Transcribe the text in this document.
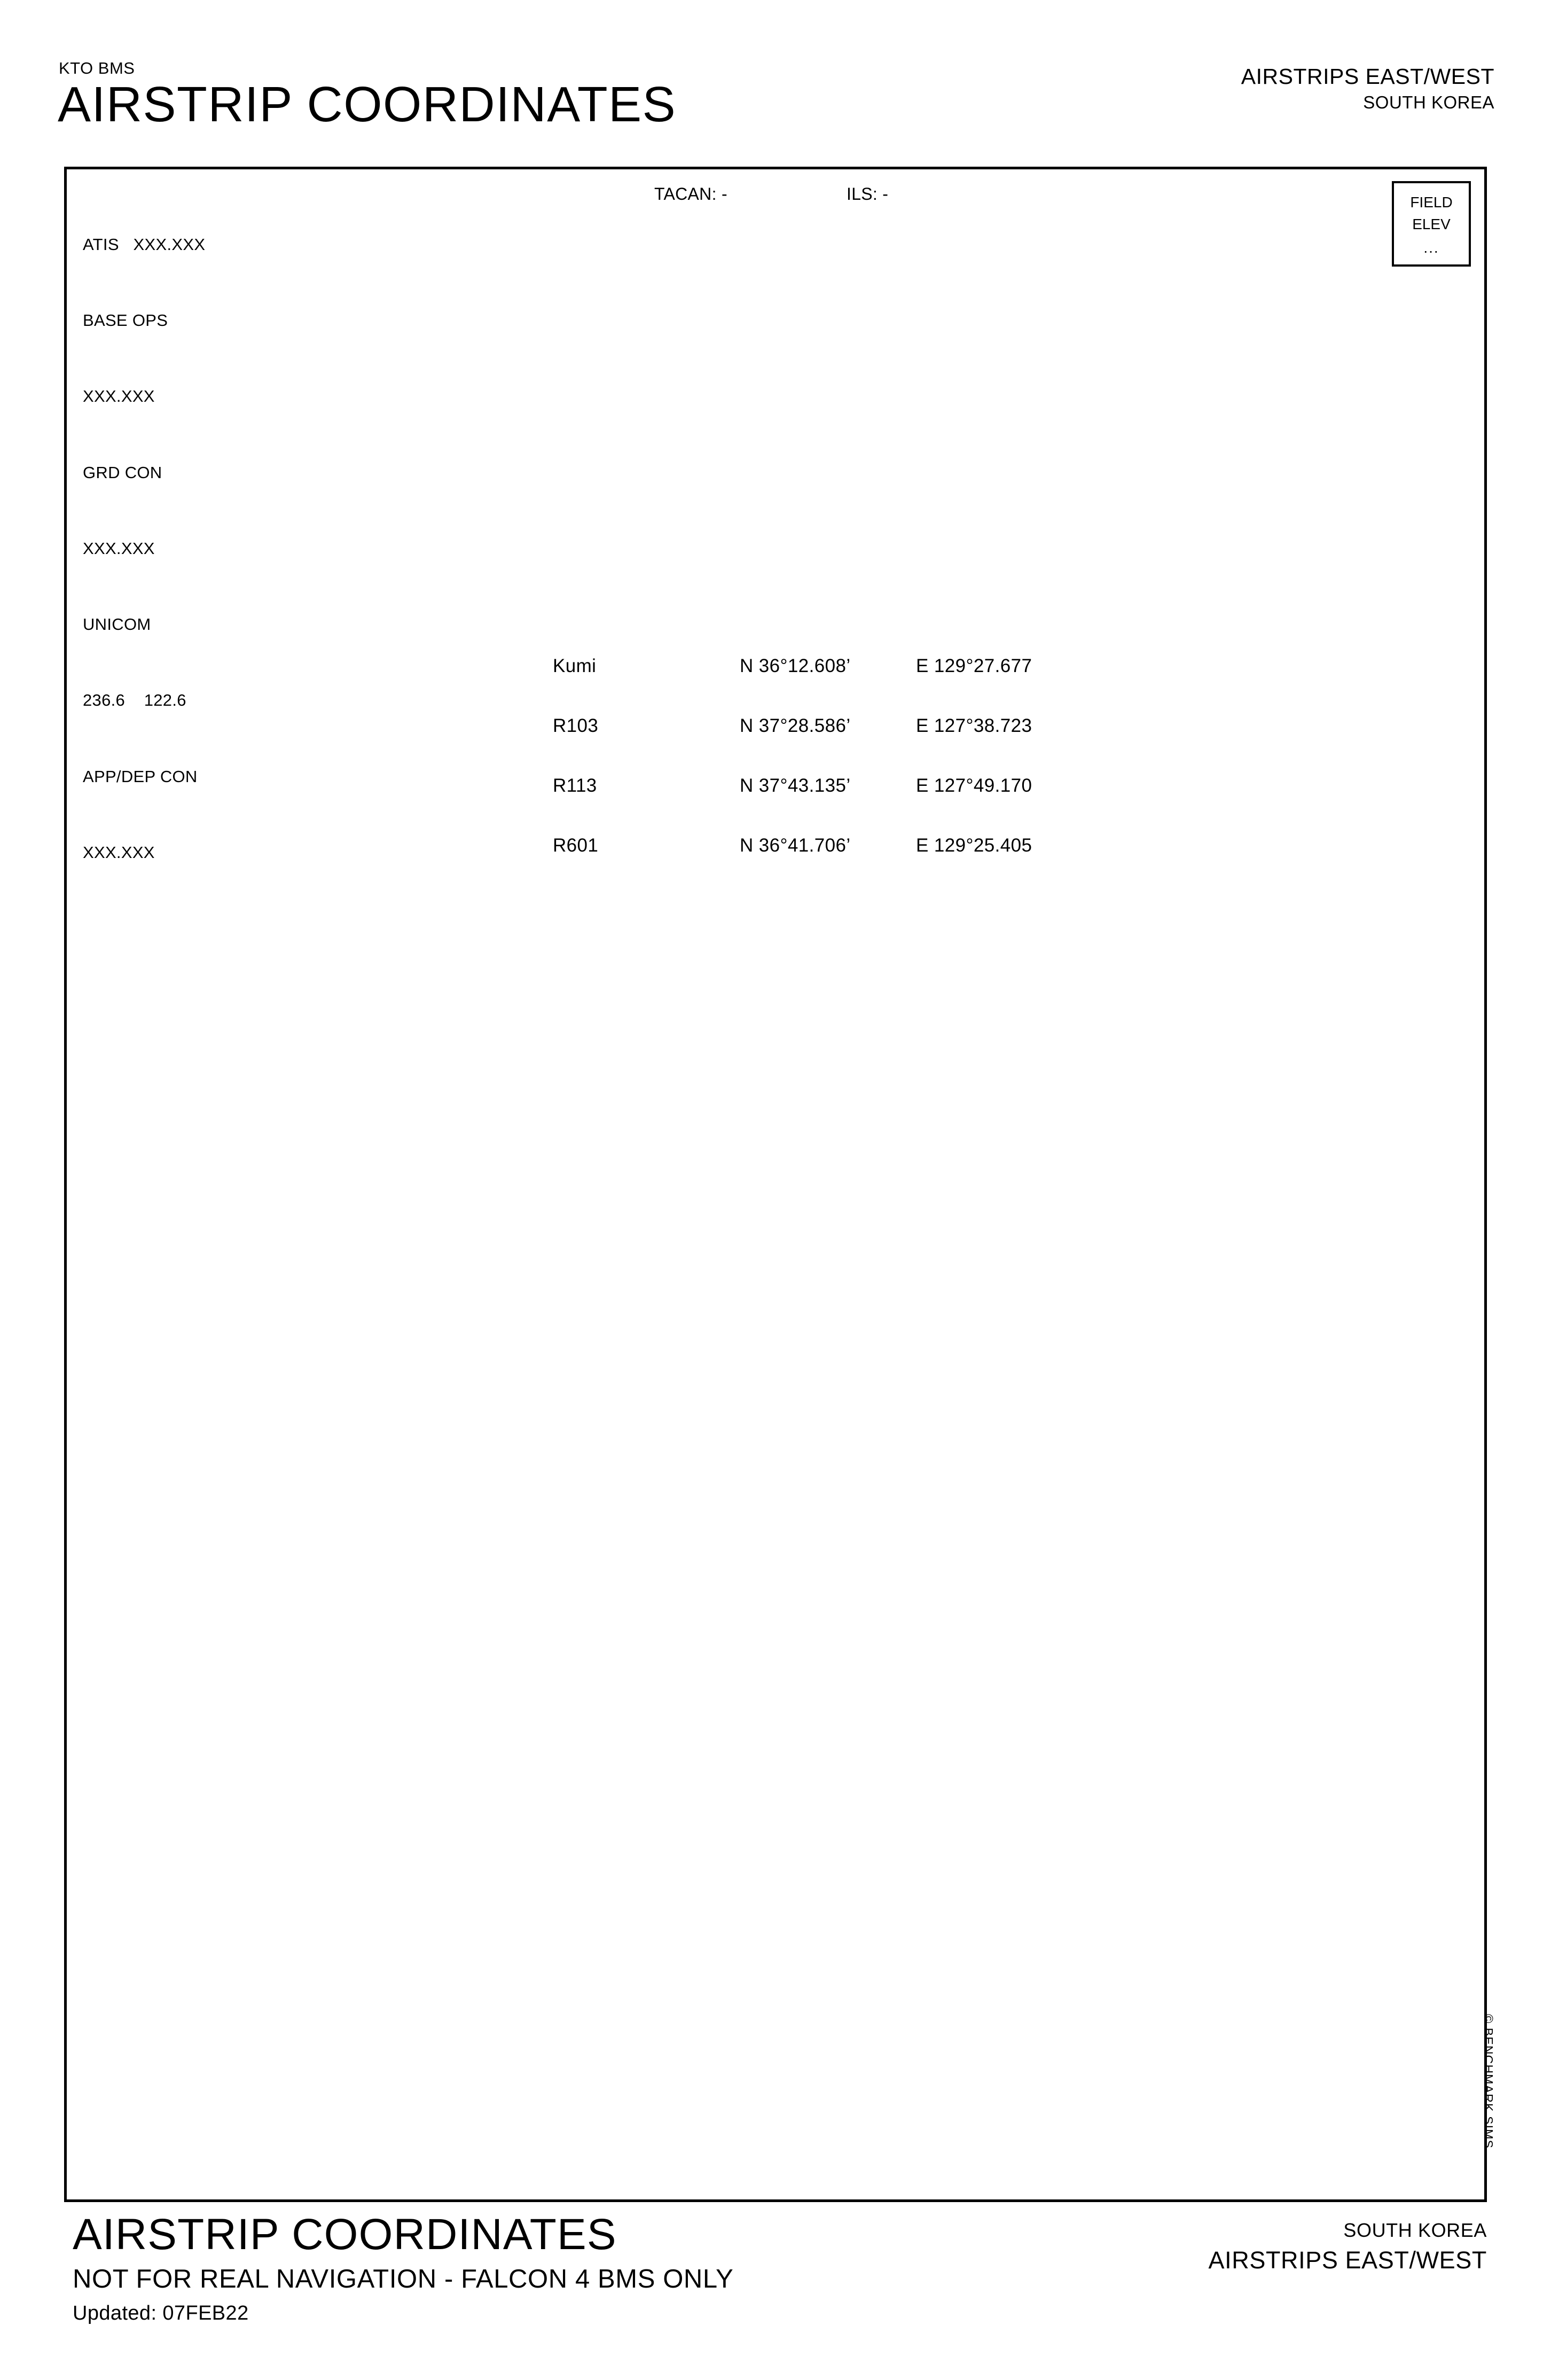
KTO BMS
AIRSTRIP COORDINATES	AIRSTRIPS EAST/WEST
SOUTH KOREA

ATIS   XXX.XXX

BASE OPS

XXX.XXX

GRD CON

XXX.XXX

UNICOM

236.6    122.6

APP/DEP CON

XXX.XXX

TACAN: -	ILS: -	FIELD
ELEV
...
Kumi	N 36°12.608’	E 129°27.677
R103	N 37°28.586’	E 127°38.723
R113	N 37°43.135’	E 127°49.170
R601	N 36°41.706’	E 129°25.405
© BENCHMARK SIMS
AIRSTRIP COORDINATES
NOT FOR REAL NAVIGATION - FALCON 4 BMS ONLY
Updated: 07FEB22
SOUTH KOREA
AIRSTRIPS EAST/WEST
